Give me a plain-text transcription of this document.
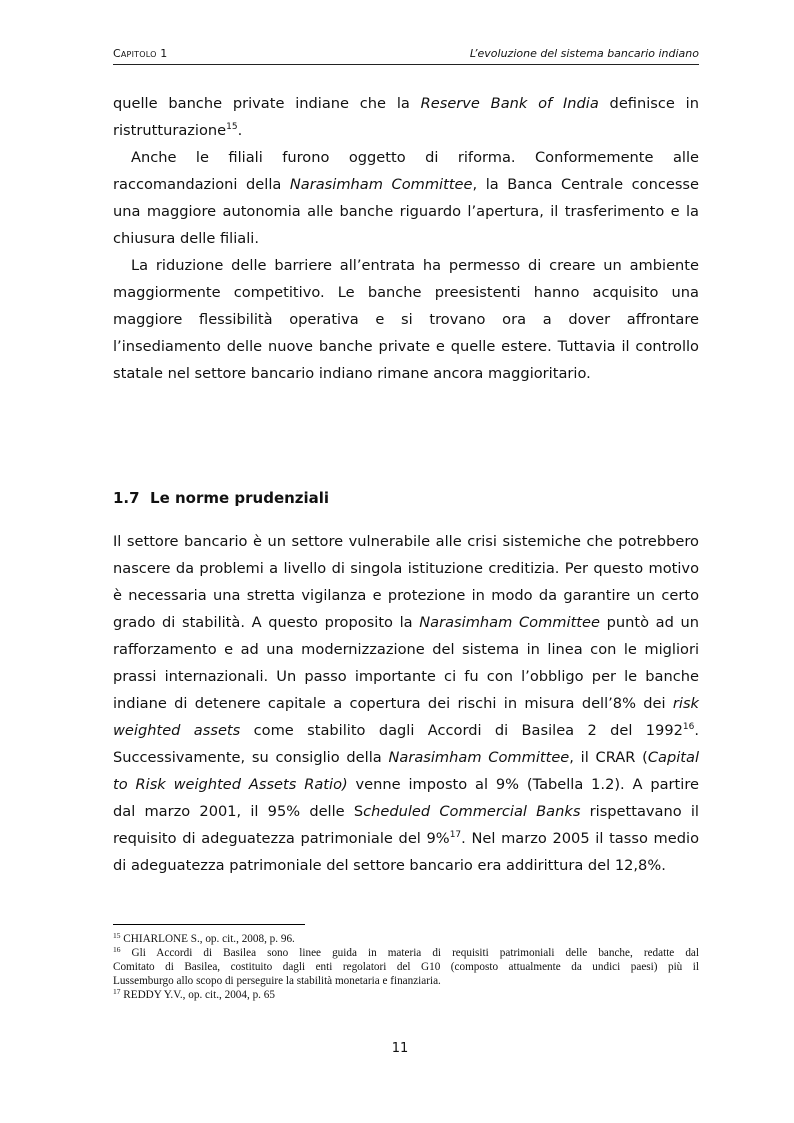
Capitolo 1	L’evoluzione del sistema bancario indiano
quelle banche private indiane che la Reserve Bank of India definisce in
ristrutturazione$^{15}$.
Anche le filiali furono oggetto di riforma. Conformemente alle
raccomandazioni della Narasimham Committee, la Banca Centrale concesse
una maggiore autonomia alle banche riguardo l’apertura, il trasferimento e la
chiusura delle filiali.
La riduzione delle barriere all’entrata ha permesso di creare un ambiente
maggiormente competitivo. Le banche preesistenti hanno acquisito una
maggiore flessibilità operativa e si trovano ora a dover affrontare
l’insediamento delle nuove banche private e quelle estere. Tuttavia il controllo
statale nel settore bancario indiano rimane ancora maggioritario.
1.7 Le norme prudenziali
Il settore bancario è un settore vulnerabile alle crisi sistemiche che potrebbero
nascere da problemi a livello di singola istituzione creditizia. Per questo motivo
è necessaria una stretta vigilanza e protezione in modo da garantire un certo
grado di stabilità. A questo proposito la Narasimham Committee puntò ad un
rafforzamento e ad una modernizzazione del sistema in linea con le migliori
prassi internazionali. Un passo importante ci fu con l’obbligo per le banche
indiane di detenere capitale a copertura dei rischi in misura dell’8% dei risk
weighted assets come stabilito dagli Accordi di Basilea 2 del 1992$^{16}$.
Successivamente, su consiglio della Narasimham Committee, il CRAR (Capital
to Risk weighted Assets Ratio) venne imposto al 9% (Tabella 1.2). A partire
dal marzo 2001, il 95% delle Scheduled Commercial Banks rispettavano il
requisito di adeguatezza patrimoniale del 9%$^{17}$. Nel marzo 2005 il tasso medio
di adeguatezza patrimoniale del settore bancario era addirittura del 12,8%.
$^{15}$ CHIARLONE S., op. cit., 2008, p. 96.
$^{16}$ Gli Accordi di Basilea sono linee guida in materia di requisiti patrimoniali delle banche, redatte dal
Comitato di Basilea, costituito dagli enti regolatori del G10 (composto attualmente da undici paesi) più il
Lussemburgo allo scopo di perseguire la stabilità monetaria e finanziaria.
$^{17}$ REDDY Y.V., op. cit., 2004, p. 65
11
